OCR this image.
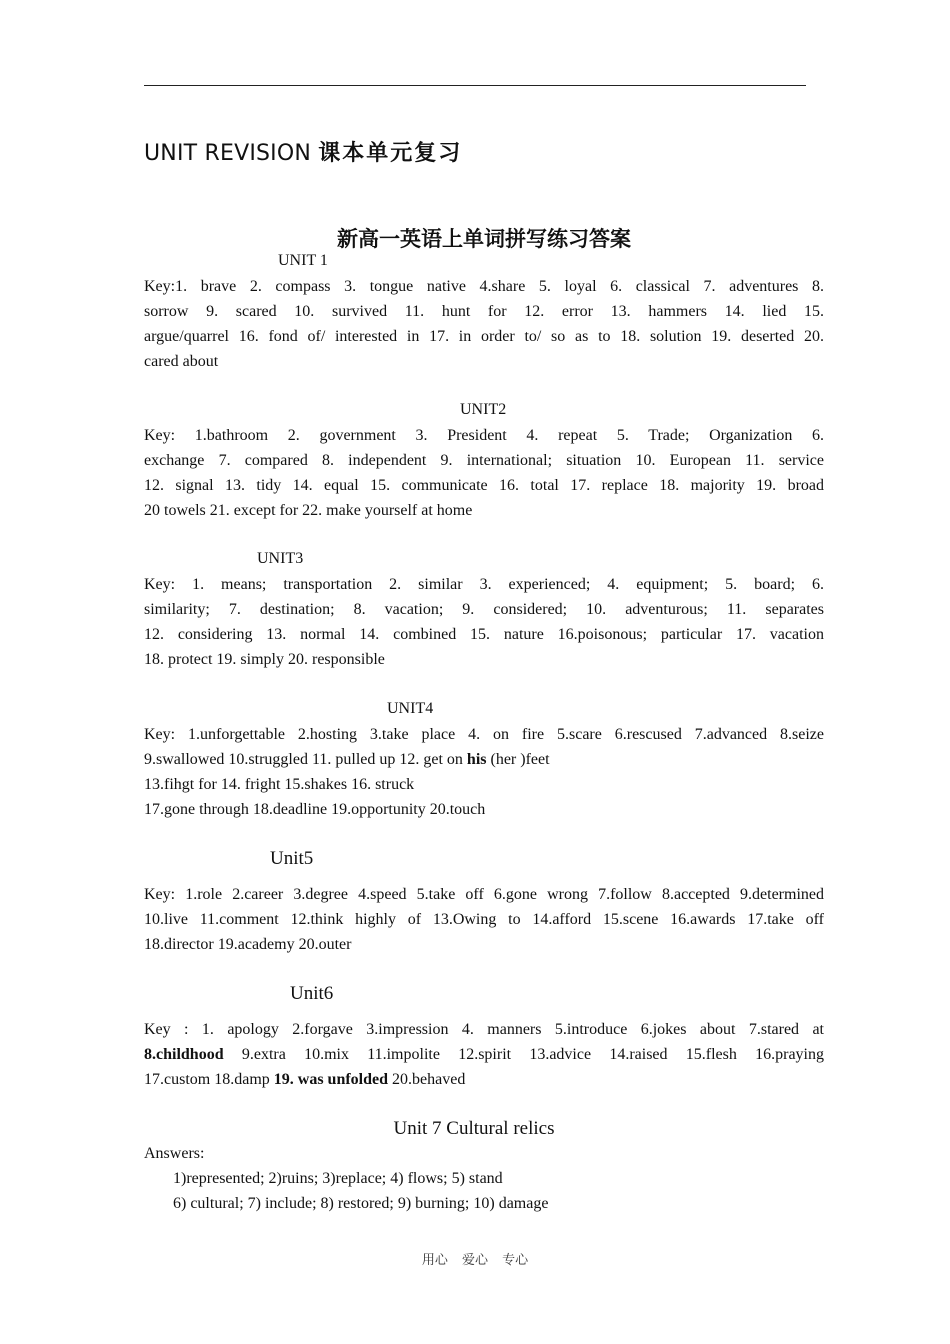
UNIT REVISION 课本单元复习
新高一英语上单词拼写练习答案
UNIT 1
Key:1. brave 2. compass 3. tongue native 4.share 5. loyal 6. classical 7. adventures 8.
sorrow 9. scared 10. survived 11. hunt for 12. error 13. hammers 14. lied 15.
argue/quarrel 16. fond of/ interested in 17. in order to/ so as to 18. solution 19. deserted 20.
cared about
UNIT2
Key: 1.bathroom 2. government 3. President 4. repeat 5. Trade; Organization 6.
exchange 7. compared 8. independent 9. international; situation 10. European 11. service
12. signal 13. tidy 14. equal 15. communicate 16. total 17. replace 18. majority 19. broad
20 towels 21. except for 22. make yourself at home
UNIT3
Key: 1. means; transportation 2. similar 3. experienced; 4. equipment; 5. board; 6.
similarity; 7. destination; 8. vacation; 9. considered; 10. adventurous; 11. separates
12. considering 13. normal 14. combined 15. nature 16.poisonous; particular 17. vacation
18. protect 19. simply 20. responsible
UNIT4
Key: 1.unforgettable 2.hosting 3.take place 4. on fire 5.scare 6.rescused 7.advanced 8.seize
9.swallowed 10.struggled 11. pulled up 12. get on his (her )feet
13.fihgt for 14. fright 15.shakes 16. struck
17.gone through 18.deadline 19.opportunity 20.touch
Unit5
Key: 1.role 2.career 3.degree 4.speed 5.take off 6.gone wrong 7.follow 8.accepted 9.determined
10.live 11.comment 12.think highly of 13.Owing to 14.afford 15.scene 16.awards 17.take off
18.director 19.academy 20.outer
Unit6
Key : 1. apology 2.forgave 3.impression 4. manners 5.introduce 6.jokes about 7.stared at
8.childhood 9.extra 10.mix 11.impolite 12.spirit 13.advice 14.raised 15.flesh 16.praying
17.custom 18.damp 19. was unfolded 20.behaved
Unit 7 Cultural relics
Answers:
1)represented; 2)ruins; 3)replace; 4) flows; 5) stand
6) cultural; 7) include; 8) restored; 9) burning; 10) damage
用心 爱心 专心
